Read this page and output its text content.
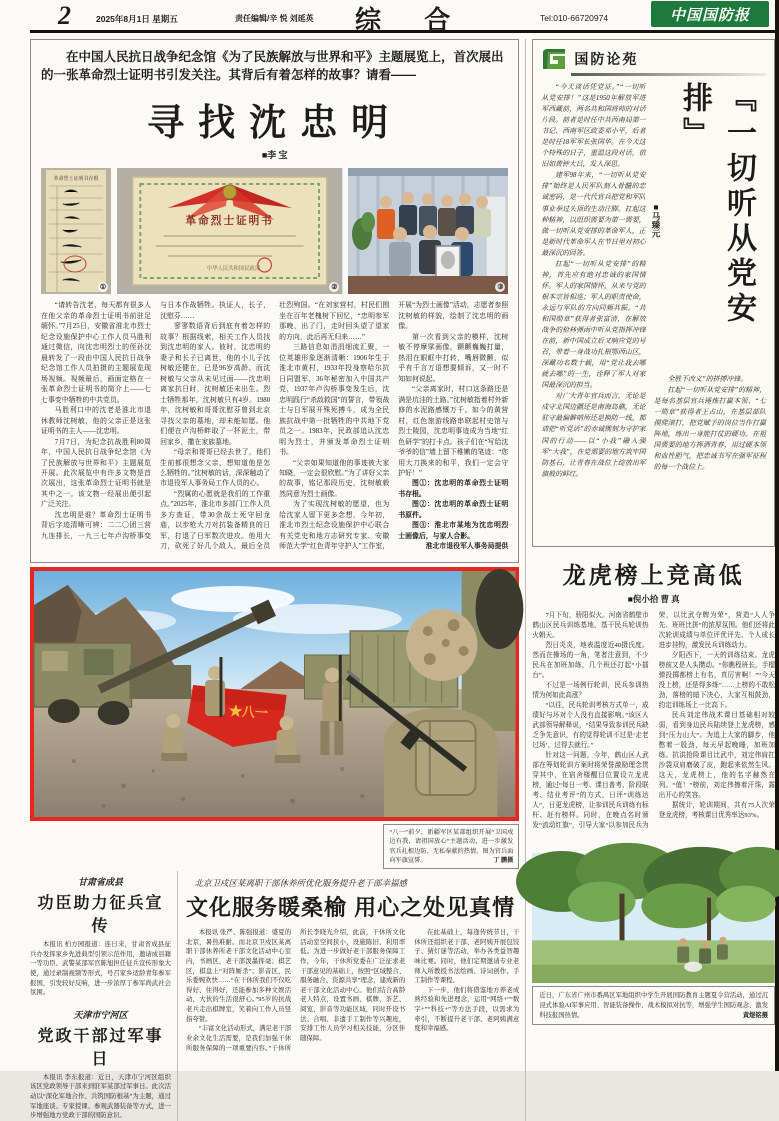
2	2025年8月1日 星期五	责任编辑/辛 悦 刘延英 综 合	Tel:010-66720974	中国国防报
在中国人民抗日战争纪念馆《为了民族解放与世界和平》主题展览上，首次展出
的一张革命烈士证明书引发关注。其背后有着怎样的故事？请看——
寻找沈忠明
■李 宝
革命烈士证明书存根
①
革命烈士证明书
中华人民共和国民政部
②	③

“请转告沈老，每天都有很多人在他父亲的革命烈士证明书前驻足缅怀。”7月25日，安徽省淮北市烈士纪念设施保护中心工作人员马胜利通过微信，向沈忠明烈士的侄孙沈晨转发了一段由中国人民抗日战争纪念馆工作人员拍摄的主题展览现场视频。视频最后，画面定格在一张革命烈士证明书的简介上——七七事变中牺牲的中共党员。

马胜利口中的沈老是淮北市退休教师沈树敏，他的父亲正是这张证明书的主人——沈忠明。

7月7日，为纪念抗战胜利80周年，中国人民抗日战争纪念馆《为了民族解放与世界和平》主题展览开展。此次展览中有许多文物是首次展出，这张革命烈士证明书就是其中之一。该文物一经展出便引起广泛关注。

沈忠明是谁？革命烈士证明书背后字迹清晰可辨：二二〇团三营九连排长，一九三七年卢沟桥事变与日本作战牺牲。执证人，长子，沈慰芬……

寥寥数语背后到底有着怎样的故事？根据线索，相关工作人员找到沈忠明的家人。彼时，沈忠明的妻子和长子已离世，他的小儿子沈树敏还健在，已是96岁高龄。而沈树敏与父亲从未见过面——沈忠明离家抗日时，沈树敏还未出生。烈士牺牲那年，沈树敏只有4岁。1980年，沈树敏和哥哥沈慰芬曾到北京寻找父亲的墓地，却未能如愿。他们便在卢沟桥畔取了一抔泥土，带回家乡，撒在家族墓地。

“母亲和哥哥已经去世了，他们生前都很想念父亲，想知道他是怎么牺牲的。”沈树敏的话，深深触动了市退役军人事务局工作人员的心。

“烈属的心愿就是我们的工作重点。”2025年，淮北市多部门工作人员多方查证，带30余战士死守回龙庙，以步枪大刀对抗装备精良的日军，打退了日军数次进攻。他用大刀，砍死了好几个敌人，最后全员壮烈殉国。“在刘家营村，村民们围坐在百年老槐树下回忆，“忠明参军那晚，出了门，走时回头望了望家的方向，此后再无归来……”

三路信息如涓涓细流汇聚，一位英雄形象逐渐清晰：1906年生于淮北市黄村，1933年投身察哈尔抗日同盟军，36年秘密加入中国共产党，1937年卢沟桥事变发生后，沈忠明践行“杀敌救国”的誓言，带领战士与日军展开殊死搏斗，成为全民族抗战中第一批牺牲的中共地下党员之一。1983年，民政部追认沈忠明为烈士，并颁发革命烈士证明书。

“父亲如果知道他的事迹被大家知晓，一定会很欣慰。”为了讲好父亲的故事，铭记那段历史，沈树敏毅然同意为烈士画像。

为了实现沈树敏的愿望，也为给沈家人留下更多念想，今年初，淮北市烈士纪念设施保护中心联合有关党史和地方志研究专家、安徽师范大学“红色青年守护人”工作室，开展“为烈士画像”活动，志愿者参照沈树敏的样貌，绘制了沈忠明的画像。

第一次看到父亲的模样，沈树敏不停摩挲画像，颤颤巍巍打量，热泪在眼眶中打转，嘴唇微颤，似乎有千言万语想要倾诉，又一时不知如何说起。

“父亲离家时，村口这条路还是满是坑洼的土路。”沈树敏指着村外新修的水泥路感慨万千。如今的黄营村，红色旅游线路串联起村史馆与烈士陵园，沈忠明事迹成为当地“红色研学”的打卡点。孩子们在“写给沈爷爷的信”墙上留下稚嫩的笔迹：“您用大刀换来的和平，我们一定会守护好！”

图①：沈忠明的革命烈士证明书存根。

图②：沈忠明的革命烈士证明书原件。

图③：淮北市某地为沈忠明烈士画像后，与家人合影。

淮北市退役军人事务局提供

★八一
“八一”前夕，新疆军区某部组织开展“卫国戍边有我，请祖国放心”主题活动，进一步激发官兵扎根边防、无私奉献的热情。图为官兵面向军旗宣誓。	丁 鹏摄
甘肃省成县
功臣助力征兵宣传

本报讯 柏方园报道：连日来，甘肃省成县征兵办发挥家乡先进典型引领示范作用，邀请成县籍一等功臣、武警某部军官陈旭担任征兵宣传形象大使，通过录制视频等形式，号召家乡适龄青年参军报国，引发较好反响，进一步浓厚了参军尚武社会氛围。

天津市宁河区
党政干部过军事日

本报讯 李东报道：近日，天津市宁河区组织该区党政领导干部来到驻军某部过军事日。此次活动以“深化军地合作、共筑国防根基”为主题，通过军地座谈、专家授课、参观武器装备等方式，进一步增强地方党政干部的国防意识。

北京卫戍区某离职干部休养所优化服务提升老干部幸福感
文化服务暖桑榆 用心之处见真情

本报讯 张严、陈强报道：盛夏的北京，暑热难耐。而北京卫戍区某离职干部休养所老干部文化活动中心室内，书画区，老干部泼墨挥毫；棋艺区，棋盘上“对阵厮杀”；影音区，民乐委婉欢快……“在干休所我们不仅吃得好、住得好，还能参加多种文娱活动，大伙的生活很舒心。”95岁的抗战老兵走出棋牌室，笑着向工作人员竖指夸赞。

“丰富文化活动形式，满足老干部业余文化生活需要，是我们加强干休所服务保障的一项重要内容。”干休所所长李晓光介绍，此前，干休所文化活动室空间狭小，设施陈旧，利用率低。为进一步做好老干部服务保障工作，今年，干休所党委在广泛征求老干部意见的基础上，按照“区域整合、服务融合、资源共享”理念，建成新的老干部文化活动中心。他们结合高龄老人特点，设置书画、棋牌、茶艺、阅览、影音等功能区域，同时开设书法、合唱、非遗手工制作等兴趣班，安排工作人员学习相关技能，分区伴随保障。

在此基础上，每逢传统节日，干休所还组织老干部、老阿姨开展包饺子、猜灯谜等活动，举办各类益智趣味比赛。同时，他们定期邀请专业老师入所教授书法绘画、诗词创作、手工制作等课程。

下一步，他们将借鉴地方养老成熟经验和先进理念，运用“网络+”“数字+”“科技+”等方法手段，以需求为牵引，不断提升老干部、老阿姨满意度和幸福感。

国防论苑

“今天谈话凭党证。”“一切听从党安排！”这是1950年解放军进军西藏前，两名共和国将帅的对话片段。前者是时任中共西南局第一书记、西南军区政委邓小平，后者是时任18军军长张国华。在今天这个特殊的日子，重温这段对话，依旧如黄钟大吕，发人深思。

建军98年来，“一切听从党安排”始终是人民军队刻入骨髓的忠诚密码，是一代代官兵把党和军队事业举过头顶的生动注脚。扛起这种精神，以组织需要为第一需要，做一切听从党安排的革命军人，正是新时代革命军人在节日里对初心最深沉的回答。

扛起“一切听从党安排”的精神，首先应有绝对忠诚的家国情怀。军人的家国情怀，从来与党的根本宗旨相连；军人的职责使命，永远与军队的方向同频共振。“共和国勋章”获得者张富清，在解放战争的枪林弹雨中听从党指挥冲锋在前，新中国成立后又响应党的号召，带着一身战功扎根鄂西山区，深藏功名数十载，用“党让我去哪就去哪”的一生，诠释了军人对家国最深沉的担当。

对广大青年官兵而言，无论是戍守北国边疆还是南海岛礁，无论驻守最偏僻哨所还是换防一线，都请把“听党话”的赤诚镌刻为守护家国的行动——以“小我”融入强军“大我”，在党需要的地方筑牢国防基石，让青春在战位上绽放出军旗般的鲜红。

■马臻元	『一切听从党安排』

全胜不改义”的拼搏冲锋。

扛起“一切听从党安排”的精神，是每名基层官兵锤炼打赢本领、“七一勋章”获得者王占山，在基层部队摸爬滚打，把党赋予的岗位当作打赢阵地，练出一身能打仗的硬功。在祖国需要的地方挥洒青春，用过硬本领和血性胆气，把忠诚书写在强军征程的每一个战位上。

龙虎榜上竞高低
■倪小拾 曹 真

7月下旬，骄阳似火。河南省鹤壁市鹤山区民兵训练基地，基干民兵轮训热火朝天。

烈日炎炎，地表温度近40摄氏度。然而在操场的一角，笔者注意到，不少民兵在加班加练，几个班还打起“小擂台”。

不过是一场例行轮训，民兵参训热情为何如此高涨？

“以往，民兵轮训考核方式单一，成绩好与坏对个人没有直接影响。”该区人武部领导解释说，“结果导致参训民兵缺乏争先意识，有的觉得轮训不过是‘走老过场’，过得去就行。”

针对这一问题，今年，鹤山区人武部在筹划轮训方案时将荣誉激励理念贯穿其中，在宿舍楼醒目位置设立龙虎榜，通过“每日一考、课目普考、阶段联考、结业考评”的方式，日评“训练达人”，日更龙虎榜，让参训民兵训练有标杆、赶有榜样。同时，在晚点名时颁发“流动红旗”，引导大家“以参加民兵为荣，以比武夺牌为荣”，营造“人人争先、班班比拼”的浓厚氛围。他们还将此次轮训成绩与单位评优评先、个人成长进步挂钩，激发民兵训练动力。

夕阳西下，一天的训练结束。龙虎榜前又是人头攒动。“你瞧程班长，手榴弹投掷都榜上有名，真厉害啊！”“今天没上榜，还是得多练”……上榜的不敢松劲，落榜的暗下决心，大家互相鼓劲，约定训练场上一比高下。

民兵刘定伟战术课目基础相对较弱，看到身边民兵陆续登上龙虎榜，感到“压力山大”。为追上大家的脚步，他憋着一股劲，每天早起晚睡，加班加练。抗洪抢险课目比武中，刘定伟肩扛沙袋双肩磨破了皮，跑起来依然生风。这天，龙虎榜上，他的名字赫然在列。“值！”榜前，刘定伟擦着汗珠，露出开心的笑容。

据统计，轮训期间，共有75人次荣登龙虎榜，考核课目优秀率达93%。

近日，广东省广州市番禺区军地组织中学生开展国防教育主题夏令营活动，通过沉浸式体验AI军事应用、智能装备操作、战术模拟对抗等，增强学生国防观念、激发科技报国热情。	黄煜铭摄
